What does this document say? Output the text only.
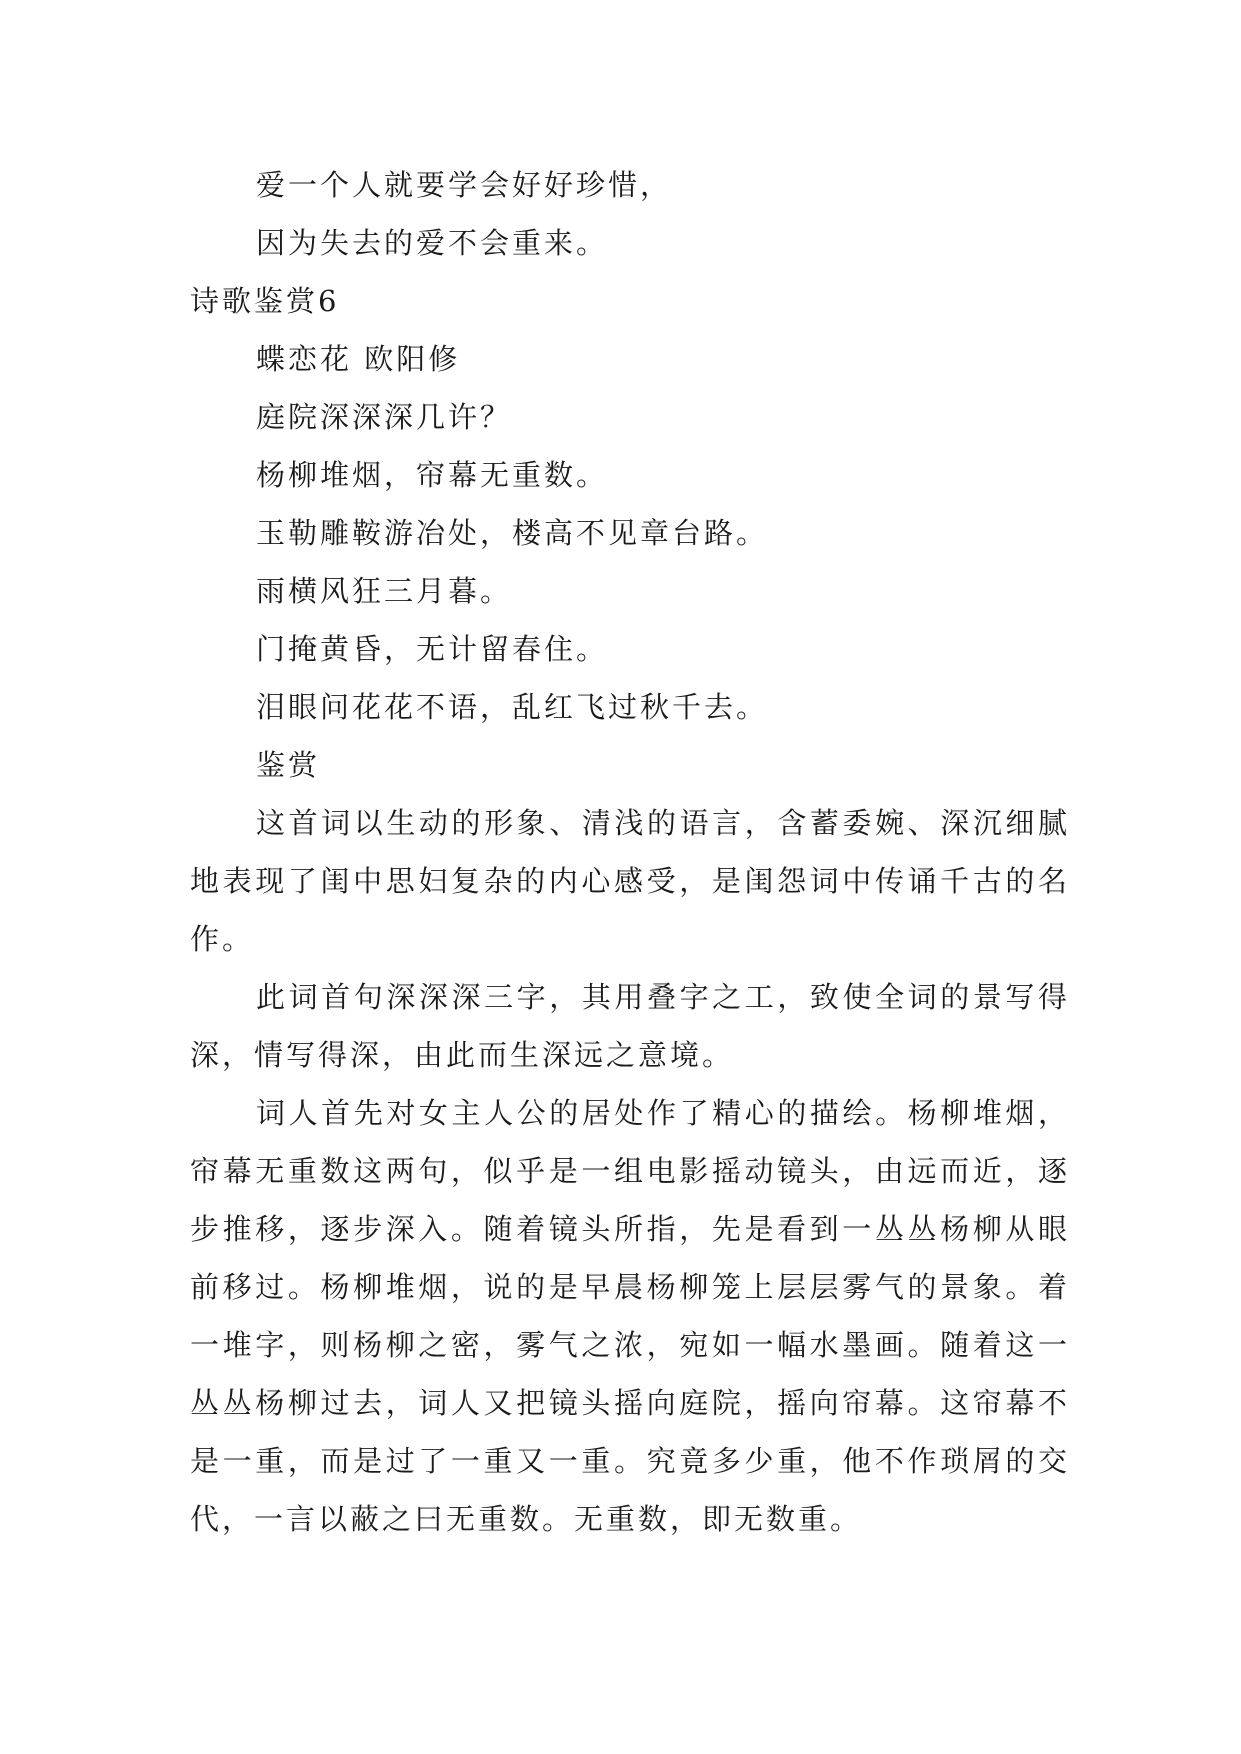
爱一个人就要学会好好珍惜，
因为失去的爱不会重来。
诗歌鉴赏6
蝶恋花 欧阳修
庭院深深深几许？
杨柳堆烟，帘幕无重数。
玉勒雕鞍游冶处，楼高不见章台路。
雨横风狂三月暮。
门掩黄昏，无计留春住。
泪眼问花花不语，乱红飞过秋千去。
鉴赏

这首词以生动的形象、清浅的语言，含蓄委婉、深沉细腻地表现了闺中思妇复杂的内心感受，是闺怨词中传诵千古的名作。

此词首句深深深三字，其用叠字之工，致使全词的景写得深，情写得深，由此而生深远之意境。

词人首先对女主人公的居处作了精心的描绘。杨柳堆烟，帘幕无重数这两句，似乎是一组电影摇动镜头，由远而近，逐步推移，逐步深入。随着镜头所指，先是看到一丛丛杨柳从眼前移过。杨柳堆烟，说的是早晨杨柳笼上层层雾气的景象。着一堆字，则杨柳之密，雾气之浓，宛如一幅水墨画。随着这一丛丛杨柳过去，词人又把镜头摇向庭院，摇向帘幕。这帘幕不是一重，而是过了一重又一重。究竟多少重，他不作琐屑的交代，一言以蔽之曰无重数。无重数，即无数重。
